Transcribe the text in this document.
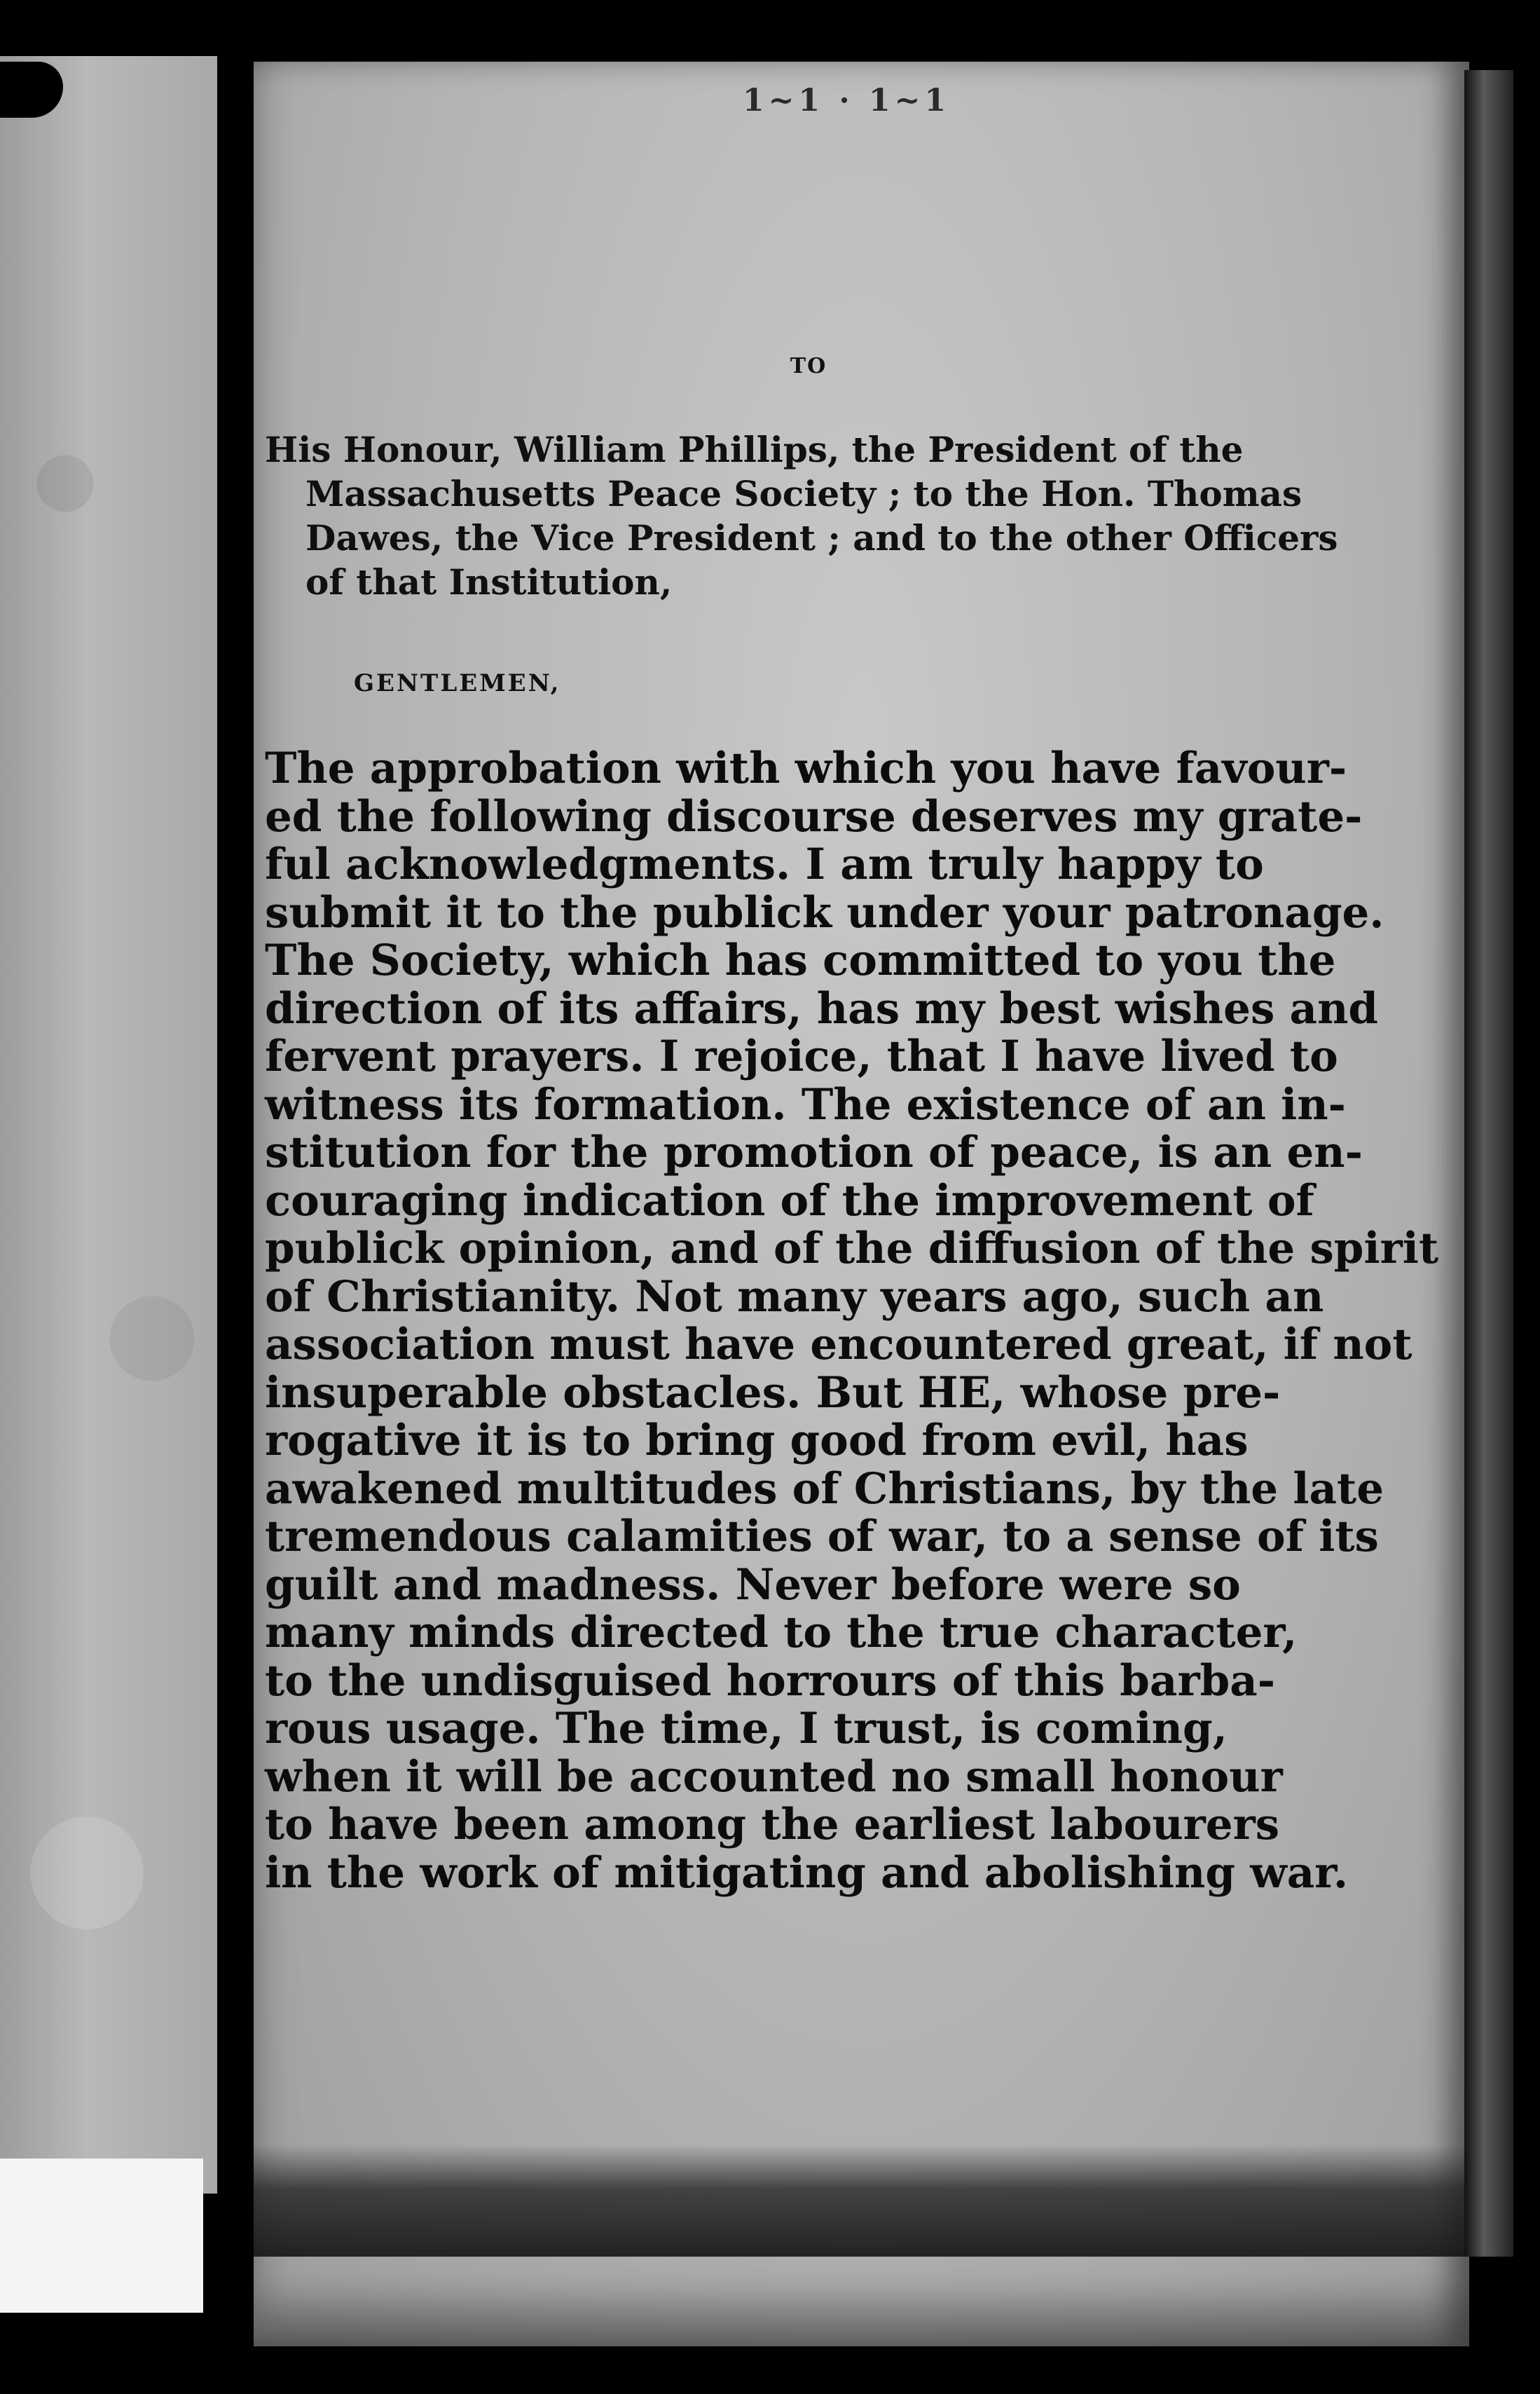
1~1 · 1~1
TO
His Honour, William Phillips, the President of the
Massachusetts Peace Society ; to the Hon. Thomas
Dawes, the Vice President ; and to the other Officers
of that Institution,
GENTLEMEN,
The approbation with which you have favour-
ed the following discourse deserves my grate-
ful acknowledgments. I am truly happy to
submit it to the publick under your patronage.
The Society, which has committed to you the
direction of its affairs, has my best wishes and
fervent prayers. I rejoice, that I have lived to
witness its formation. The existence of an in-
stitution for the promotion of peace, is an en-
couraging indication of the improvement of
publick opinion, and of the diffusion of the spirit
of Christianity. Not many years ago, such an
association must have encountered great, if not
insuperable obstacles. But HE, whose pre-
rogative it is to bring good from evil, has
awakened multitudes of Christians, by the late
tremendous calamities of war, to a sense of its
guilt and madness. Never before were so
many minds directed to the true character,
to the undisguised horrours of this barba-
rous usage. The time, I trust, is coming,
when it will be accounted no small honour
to have been among the earliest labourers
in the work of mitigating and abolishing war.
